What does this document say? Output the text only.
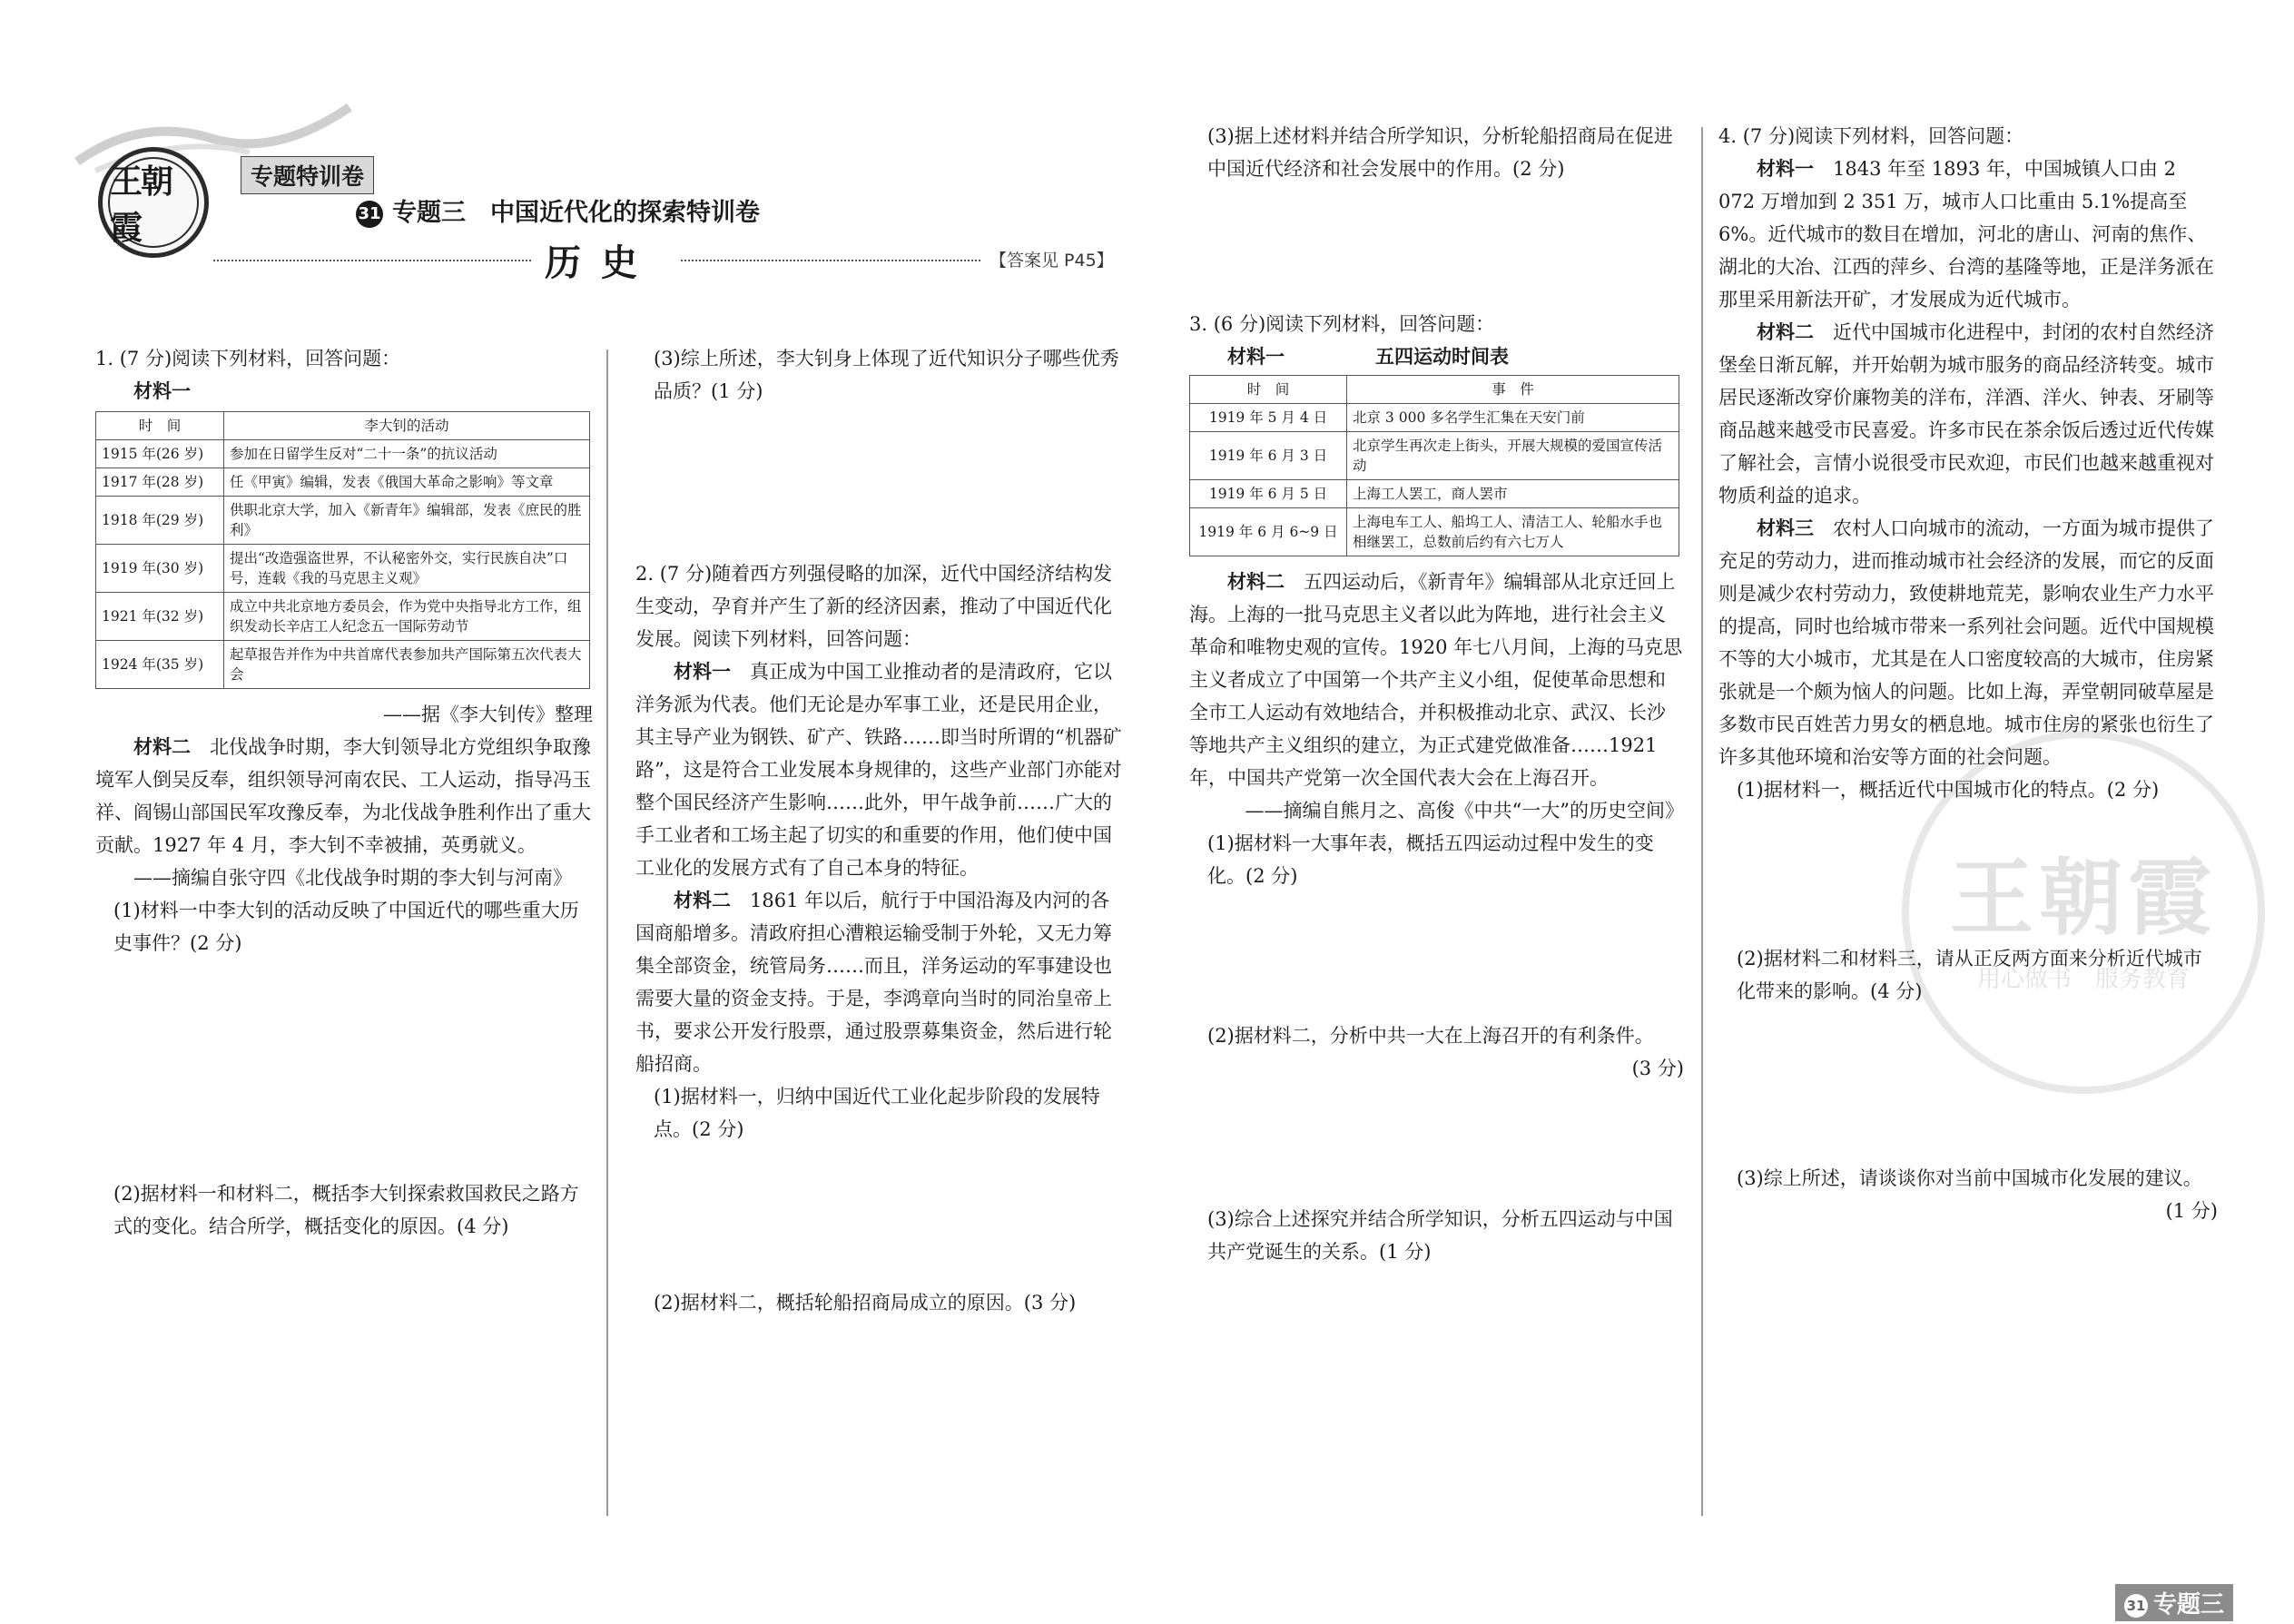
王朝霞
专题特训卷
31 专题三　中国近代化的探索特训卷
历史	【答案见 P45】
王朝霞
用心做书　服务教育

1. (7 分)阅读下列材料，回答问题：

材料一

时　间	李大钊的活动
1915 年(26 岁)	参加在日留学生反对“二十一条”的抗议活动
1917 年(28 岁)	任《甲寅》编辑，发表《俄国大革命之影响》等文章
1918 年(29 岁)	供职北京大学，加入《新青年》编辑部，发表《庶民的胜利》
1919 年(30 岁)	提出“改造强盗世界，不认秘密外交，实行民族自决”口号，连载《我的马克思主义观》
1921 年(32 岁)	成立中共北京地方委员会，作为党中央指导北方工作，组织发动长辛店工人纪念五一国际劳动节
1924 年(35 岁)	起草报告并作为中共首席代表参加共产国际第五次代表大会

——据《李大钊传》整理

材料二　 北伐战争时期，李大钊领导北方党组织争取豫境军人倒吴反奉，组织领导河南农民、工人运动，指导冯玉祥、阎锡山部国民军攻豫反奉，为北伐战争胜利作出了重大贡献。1927 年 4 月，李大钊不幸被捕，英勇就义。

——摘编自张守四《北伐战争时期的李大钊与河南》

(1)材料一中李大钊的活动反映了中国近代的哪些重大历史事件？(2 分)

(2)据材料一和材料二，概括李大钊探索救国救民之路方式的变化。结合所学，概括变化的原因。(4 分)

(3)综上所述，李大钊身上体现了近代知识分子哪些优秀品质？(1 分)

2. (7 分)随着西方列强侵略的加深，近代中国经济结构发生变动，孕育并产生了新的经济因素，推动了中国近代化发展。阅读下列材料，回答问题：

材料一　 真正成为中国工业推动者的是清政府，它以洋务派为代表。他们无论是办军事工业，还是民用企业，其主导产业为钢铁、矿产、铁路……即当时所谓的“机器矿路”，这是符合工业发展本身规律的，这些产业部门亦能对整个国民经济产生影响……此外，甲午战争前……广大的手工业者和工场主起了切实的和重要的作用，他们使中国工业化的发展方式有了自己本身的特征。

材料二　 1861 年以后，航行于中国沿海及内河的各国商船增多。清政府担心漕粮运输受制于外轮，又无力筹集全部资金，统管局务……而且，洋务运动的军事建设也需要大量的资金支持。于是，李鸿章向当时的同治皇帝上书，要求公开发行股票，通过股票募集资金，然后进行轮船招商。

(1)据材料一，归纳中国近代工业化起步阶段的发展特点。(2 分)

(2)据材料二，概括轮船招商局成立的原因。(3 分)

(3)据上述材料并结合所学知识，分析轮船招商局在促进中国近代经济和社会发展中的作用。(2 分)

3. (6 分)阅读下列材料，回答问题：

材料一	五四运动时间表

时　间	事　件
1919 年 5 月 4 日	北京 3 000 多名学生汇集在天安门前
1919 年 6 月 3 日	北京学生再次走上街头，开展大规模的爱国宣传活动
1919 年 6 月 5 日	上海工人罢工，商人罢市
1919 年 6 月 6~9 日	上海电车工人、船坞工人、清洁工人、轮船水手也相继罢工，总数前后约有六七万人

材料二　 五四运动后，《新青年》编辑部从北京迁回上海。上海的一批马克思主义者以此为阵地，进行社会主义革命和唯物史观的宣传。1920 年七八月间，上海的马克思主义者成立了中国第一个共产主义小组，促使革命思想和全市工人运动有效地结合，并积极推动北京、武汉、长沙等地共产主义组织的建立，为正式建党做准备……1921 年，中国共产党第一次全国代表大会在上海召开。

——摘编自熊月之、高俊《中共“一大”的历史空间》

(1)据材料一大事年表，概括五四运动过程中发生的变化。(2 分)

(2)据材料二，分析中共一大在上海召开的有利条件。

(3 分)

(3)综合上述探究并结合所学知识，分析五四运动与中国共产党诞生的关系。(1 分)

4. (7 分)阅读下列材料，回答问题：

材料一　 1843 年至 1893 年，中国城镇人口由 2 072 万增加到 2 351 万，城市人口比重由 5.1%提高至 6%。近代城市的数目在增加，河北的唐山、河南的焦作、湖北的大冶、江西的萍乡、台湾的基隆等地，正是洋务派在那里采用新法开矿，才发展成为近代城市。

材料二　 近代中国城市化进程中，封闭的农村自然经济堡垒日渐瓦解，并开始朝为城市服务的商品经济转变。城市居民逐渐改穿价廉物美的洋布，洋酒、洋火、钟表、牙刷等商品越来越受市民喜爱。许多市民在茶余饭后透过近代传媒了解社会，言情小说很受市民欢迎，市民们也越来越重视对物质利益的追求。

材料三　 农村人口向城市的流动，一方面为城市提供了充足的劳动力，进而推动城市社会经济的发展，而它的反面则是减少农村劳动力，致使耕地荒芜，影响农业生产力水平的提高，同时也给城市带来一系列社会问题。近代中国规模不等的大小城市，尤其是在人口密度较高的大城市，住房紧张就是一个颇为恼人的问题。比如上海，弄堂朝同破草屋是多数市民百姓苦力男女的栖息地。城市住房的紧张也衍生了许多其他环境和治安等方面的社会问题。

(1)据材料一，概括近代中国城市化的特点。(2 分)

(2)据材料二和材料三，请从正反两方面来分析近代城市化带来的影响。(4 分)

(3)综上所述，请谈谈你对当前中国城市化发展的建议。

(1 分)

31 专题三
